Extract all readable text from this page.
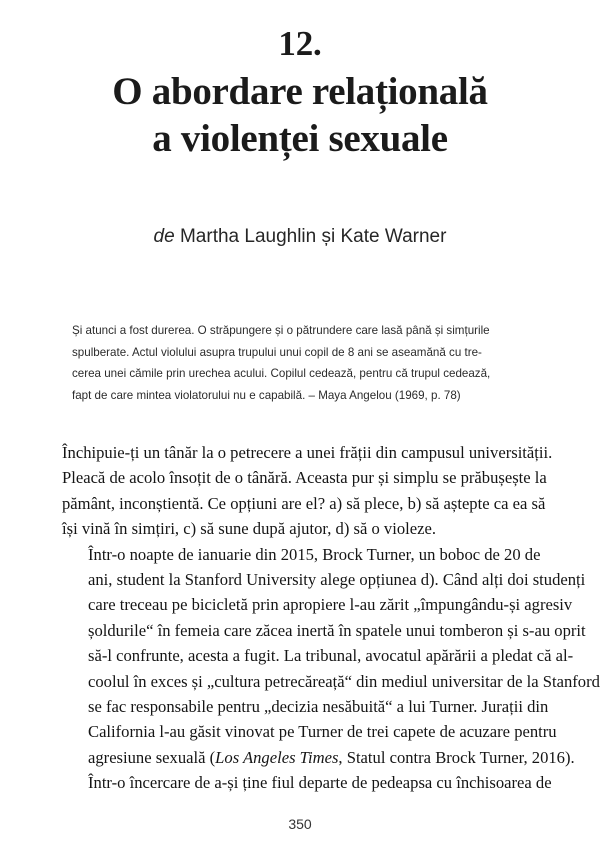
12.
O abordare relațională
a violenței sexuale
de Martha Laughlin și Kate Warner
Și atunci a fost durerea. O străpungere și o pătrundere care lasă până și simțurile
spulberate. Actul violului asupra trupului unui copil de 8 ani se aseamănă cu tre-
cerea unei cămile prin urechea acului. Copilul cedează, pentru că trupul cedează,
fapt de care mintea violatorului nu e capabilă. – Maya Angelou (1969, p. 78)

Închipuie-ți un tânăr la o petrecere a unei frății din campusul universității.
Pleacă de acolo însoțit de o tânără. Aceasta pur și simplu se prăbușește la
pământ, inconștientă. Ce opțiuni are el? a) să plece, b) să aștepte ca ea să
își vină în simțiri, c) să sune după ajutor, d) să o violeze.

Într-o noapte de ianuarie din 2015, Brock Turner, un boboc de 20 de
ani, student la Stanford University alege opțiunea d). Când alți doi studenți
care treceau pe bicicletă prin apropiere l-au zărit „împungându-și agresiv
șoldurile“ în femeia care zăcea inertă în spatele unui tomberon și s-au oprit
să-l confrunte, acesta a fugit. La tribunal, avocatul apărării a pledat că al-
coolul în exces și „cultura petrecăreață“ din mediul universitar de la Stanford
se fac responsabile pentru „decizia nesăbuită“ a lui Turner. Jurații din
California l-au găsit vinovat pe Turner de trei capete de acuzare pentru
agresiune sexuală (Los Angeles Times, Statul contra Brock Turner, 2016).
Într-o încercare de a-și ține fiul departe de pedeapsa cu închisoarea de

350
